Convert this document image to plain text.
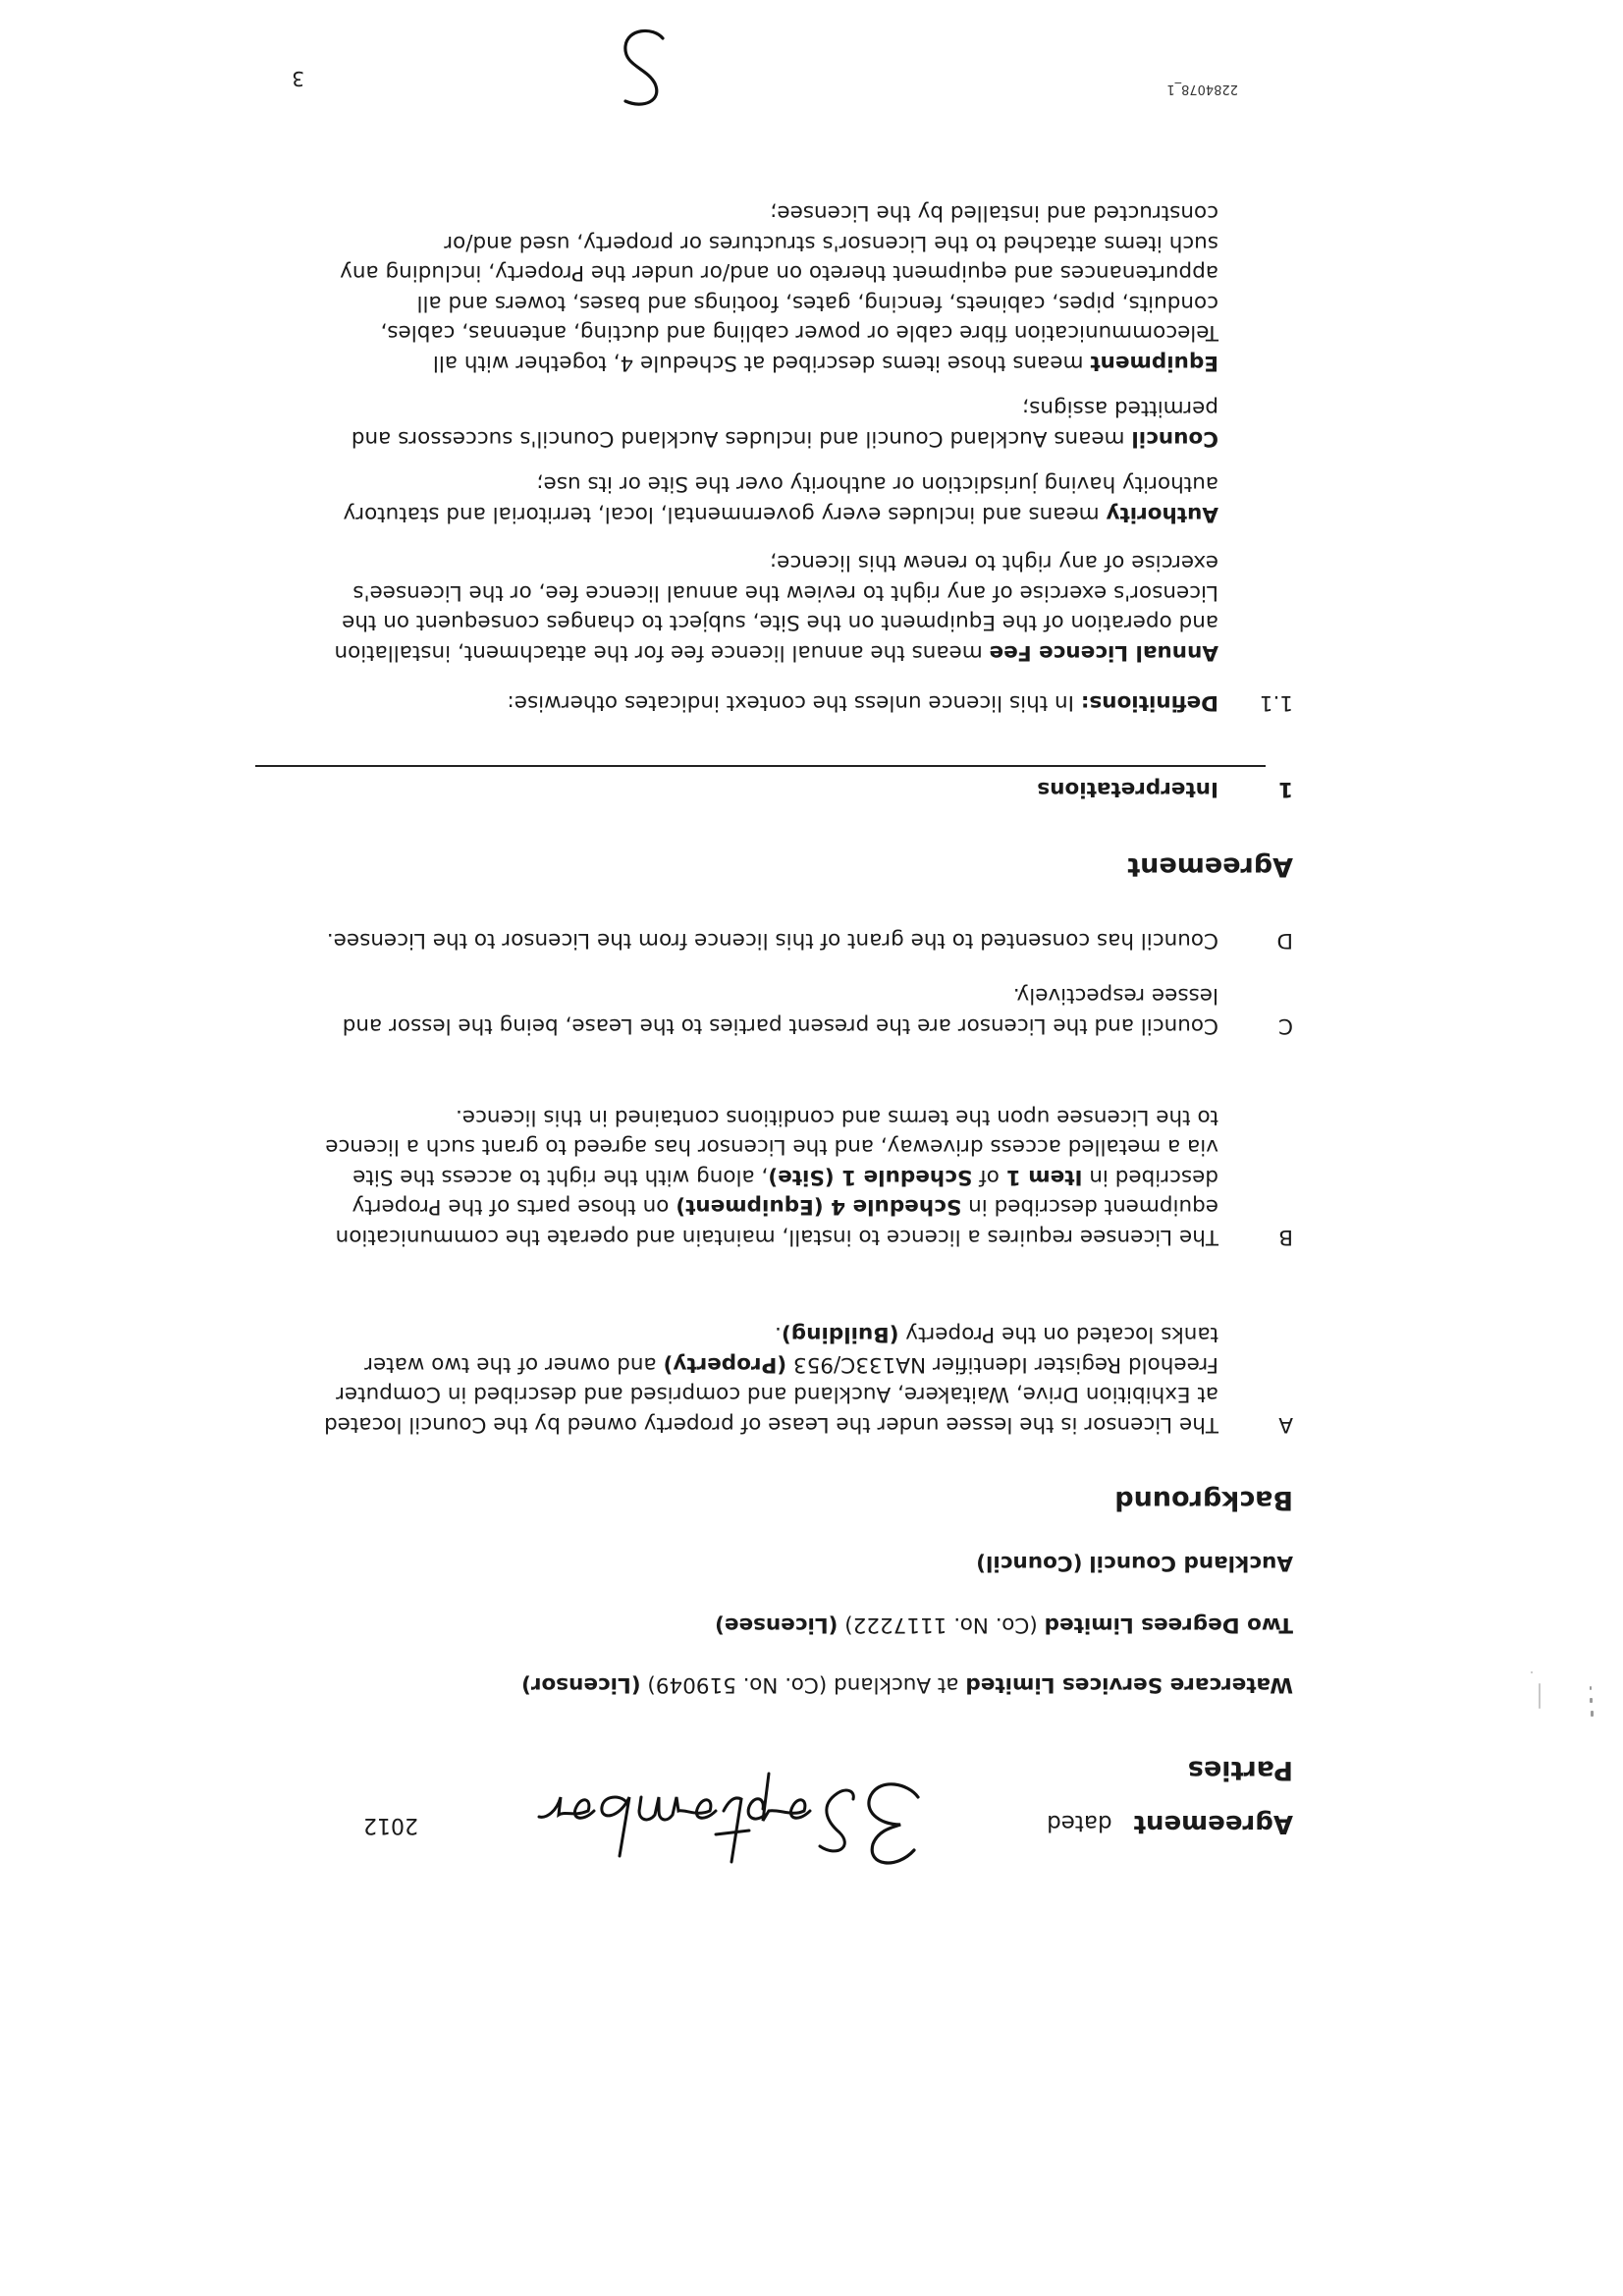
Agreement   dated
2012
Parties
Watercare Services Limited at Auckland (Co. No. 519049) (Licensor)
Two Degrees Limited (Co. No. 1117222) (Licensee)
Auckland Council (Council)
Background
A
The Licensor is the lessee under the Lease of property owned by the Council located at Exhibition Drive, Waitakere, Auckland and comprised and described in Computer Freehold Register Identifier NA133C/953 (Property) and owner of the two water tanks located on the Property (Building).
B
The Licensee requires a licence to install, maintain and operate the communication equipment described in Schedule 4 (Equipment) on those parts of the Property described in Item 1 of Schedule 1 (Site), along with the right to access the Site via a metalled access driveway, and the Licensor has agreed to grant such a licence to the Licensee upon the terms and conditions contained in this licence.
C
Council and the Licensor are the present parties to the Lease, being the lessor and lessee respectively.
D
Council has consented to the grant of this licence from the Licensor to the Licensee.
Agreement
1
Interpretations
1.1
Definitions: In this licence unless the context indicates otherwise:
Annual Licence Fee means the annual licence fee for the attachment, installation and operation of the Equipment on the Site, subject to changes consequent on the Licensor's exercise of any right to review the annual licence fee, or the Licensee's exercise of any right to renew this licence;
Authority means and includes every governmental, local, territorial and statutory authority having jurisdiction or authority over the Site or its use;
Council means Auckland Council and includes Auckland Council's successors and permitted assigns;
Equipment means those items described at Schedule 4, together with all Telecommunication fibre cable or power cabling and ducting, antennas, cables, conduits, pipes, cabinets, fencing, gates, footings and bases, towers and all appurtenances and equipment thereto on and/or under the Property, including any such items attached to the Licensor's structures or property, used and/or constructed and installed by the Licensee;
2284078_1
3
